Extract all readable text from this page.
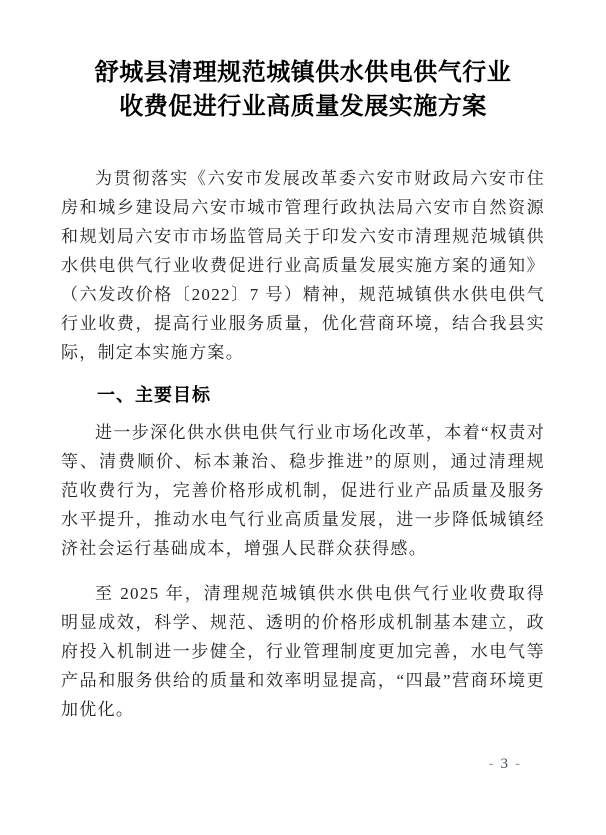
舒城县清理规范城镇供水供电供气行业
收费促进行业高质量发展实施方案

为贯彻落实《六安市发展改革委六安市财政局六安市住房和城乡建设局六安市城市管理行政执法局六安市自然资源和规划局六安市市场监管局关于印发六安市清理规范城镇供水供电供气行业收费促进行业高质量发展实施方案的通知》（六发改价格〔2022〕7 号）精神，规范城镇供水供电供气行业收费，提高行业服务质量，优化营商环境，结合我县实际，制定本实施方案。

一、主要目标

进一步深化供水供电供气行业市场化改革，本着“权责对等、清费顺价、标本兼治、稳步推进”的原则，通过清理规范收费行为，完善价格形成机制，促进行业产品质量及服务水平提升，推动水电气行业高质量发展，进一步降低城镇经济社会运行基础成本，增强人民群众获得感。

至 2025 年，清理规范城镇供水供电供气行业收费取得明显成效，科学、规范、透明的价格形成机制基本建立，政府投入机制进一步健全，行业管理制度更加完善，水电气等产品和服务供给的质量和效率明显提高，“四最”营商环境更加优化。

- 3 -
